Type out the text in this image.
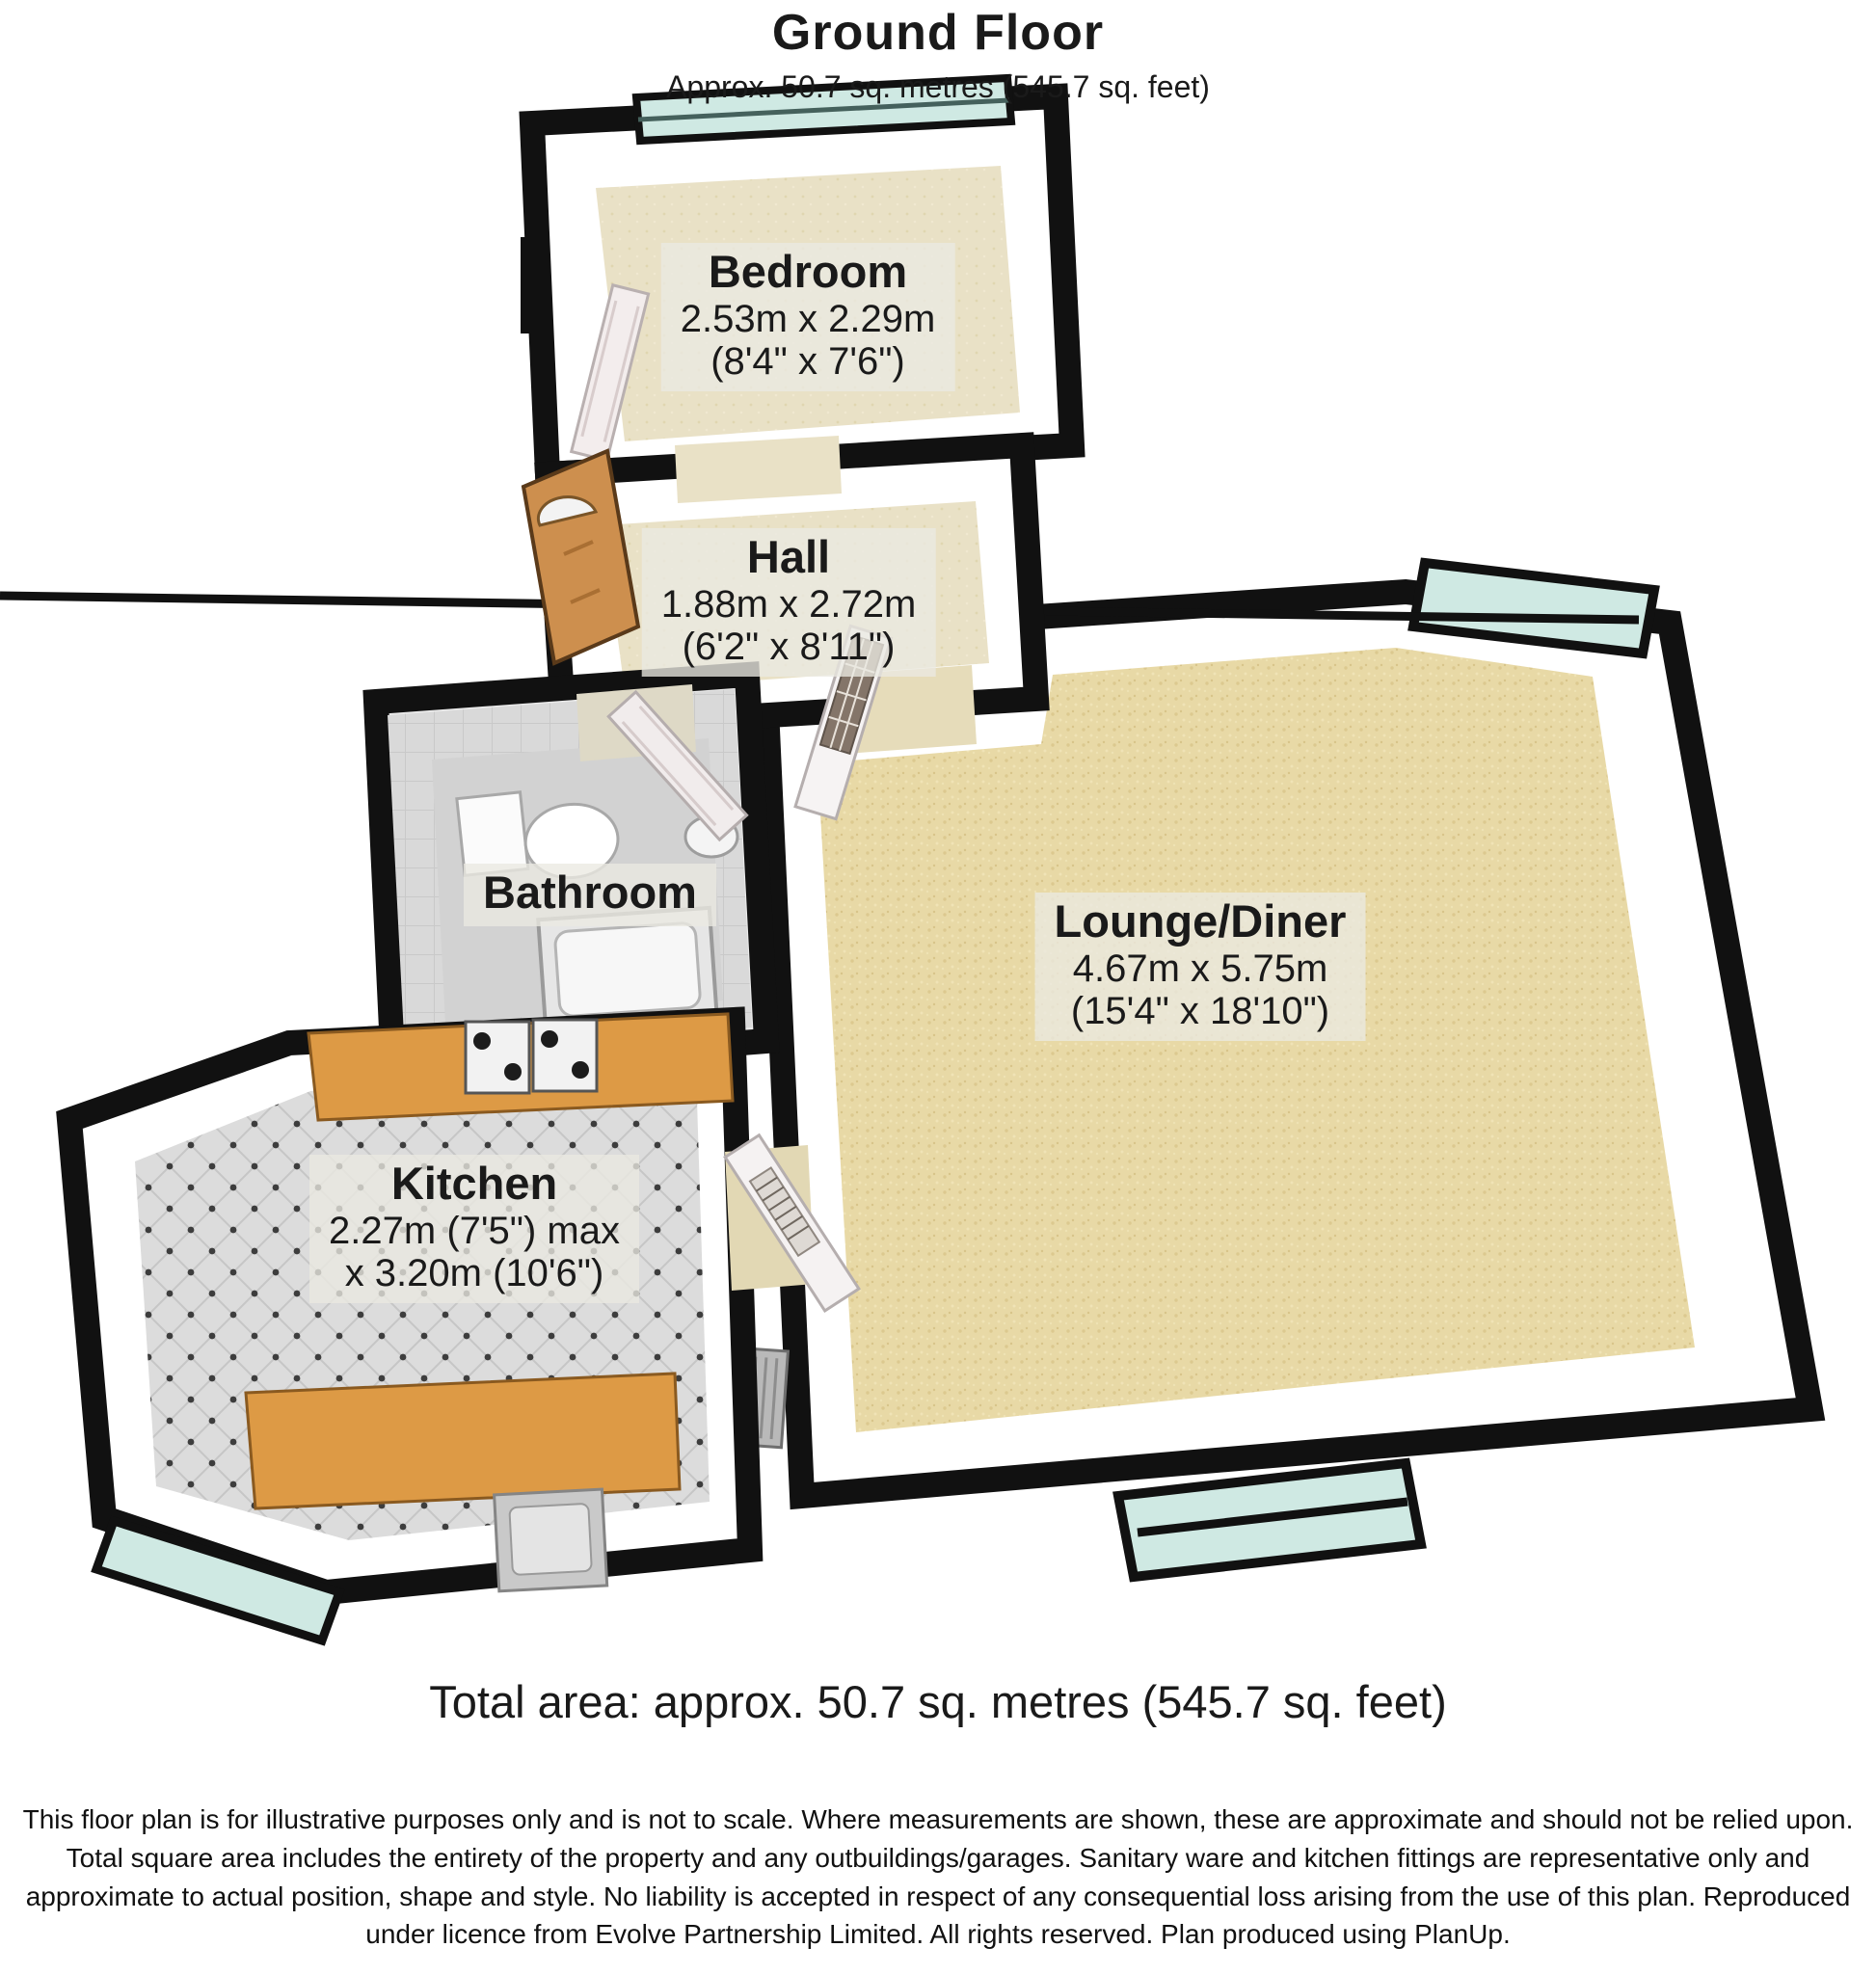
Ground Floor
Approx. 50.7 sq. metres (545.7 sq. feet)
Bedroom
2.53m x 2.29m
(8'4" x 7'6")
Hall
1.88m x 2.72m
(6'2" x 8'11")
Bathroom
Lounge/Diner
4.67m x 5.75m
(15'4" x 18'10")
Kitchen
2.27m (7'5") max
x 3.20m (10'6")
Total area: approx. 50.7 sq. metres (545.7 sq. feet)
This floor plan is for illustrative purposes only and is not to scale. Where measurements are shown, these are approximate and should not be relied upon. Total square area includes the entirety of the property and any outbuildings/garages. Sanitary ware and kitchen fittings are representative only and approximate to actual position, shape and style. No liability is accepted in respect of any consequential loss arising from the use of this plan. Reproduced under licence from Evolve Partnership Limited. All rights reserved. Plan produced using PlanUp.
